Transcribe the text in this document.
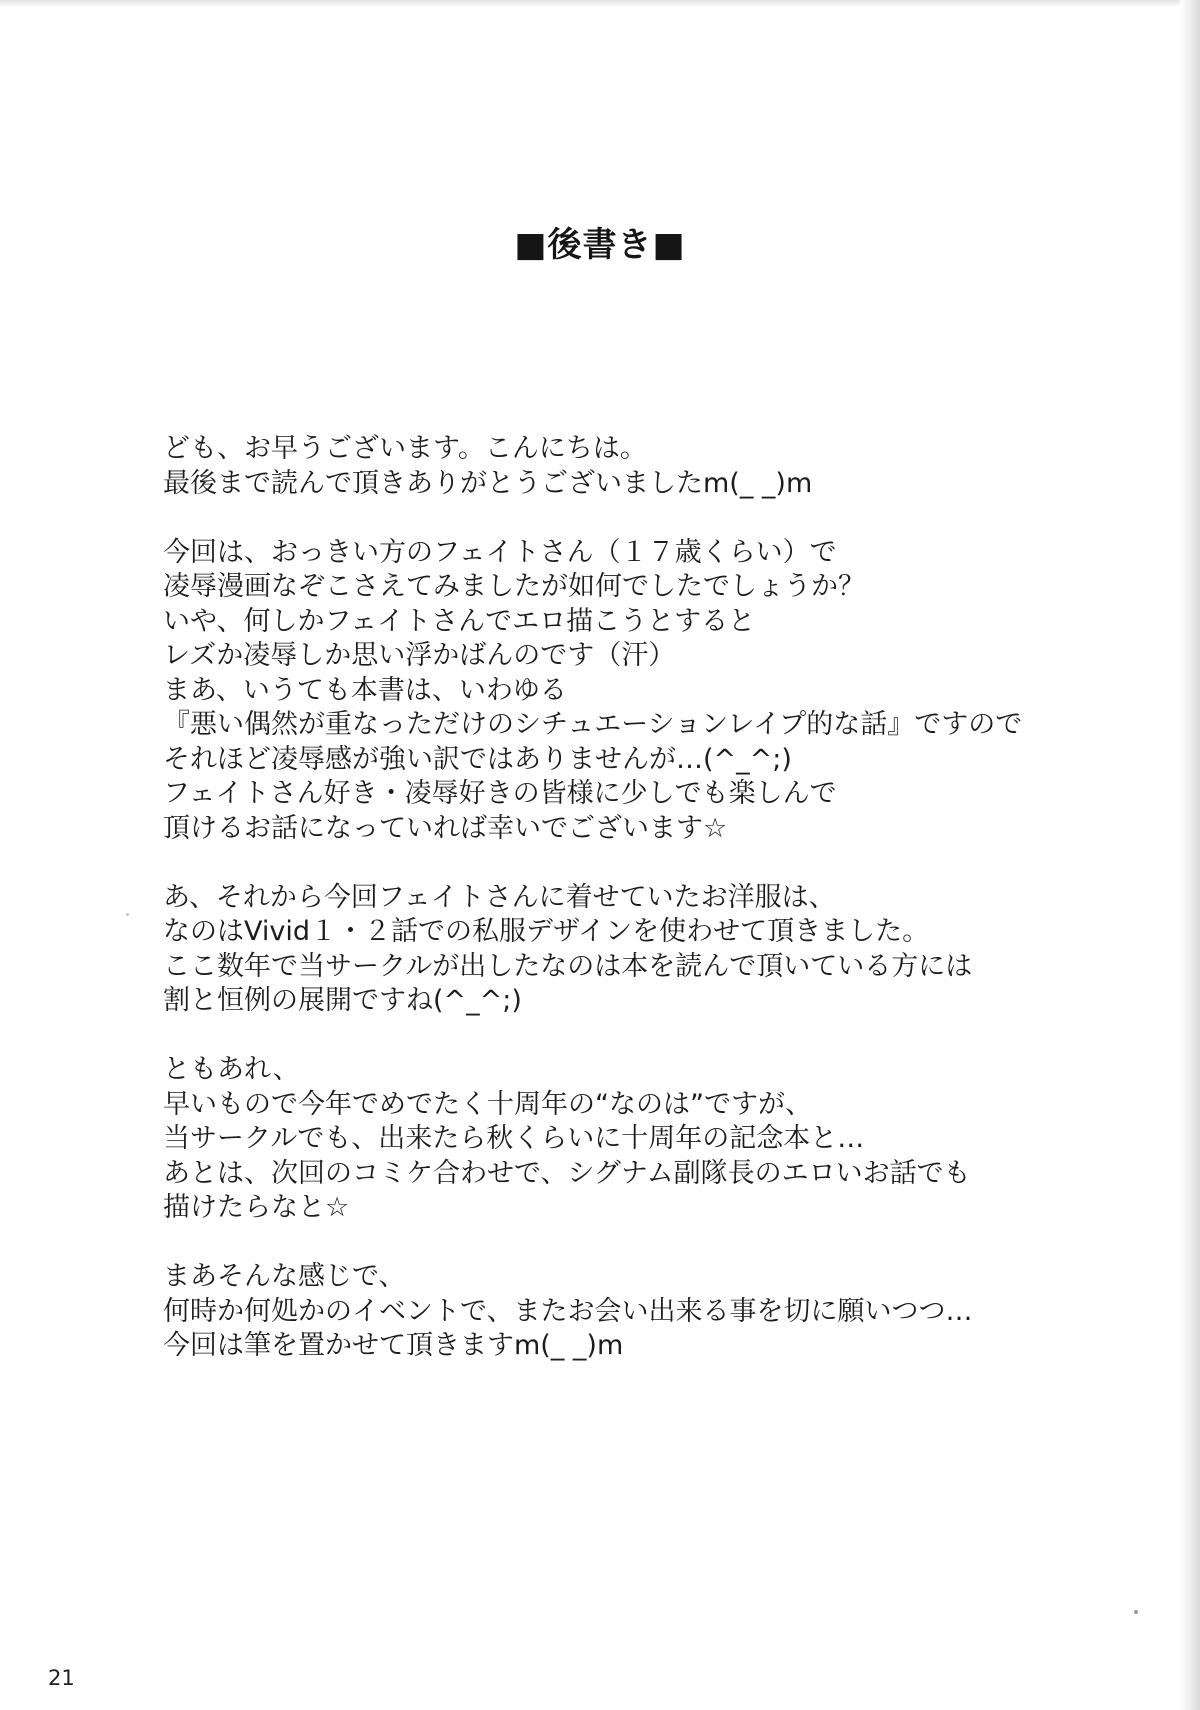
■後書き■
ども、お早うございます。こんにちは。
最後まで読んで頂きありがとうございましたm(_ _)m
今回は、おっきい方のフェイトさん（１７歳くらい）で
凌辱漫画なぞこさえてみましたが如何でしたでしょうか？
いや、何しかフェイトさんでエロ描こうとすると
レズか凌辱しか思い浮かばんのです（汗）
まあ、いうても本書は、いわゆる
『悪い偶然が重なっただけのシチュエーションレイプ的な話』ですので
それほど凌辱感が強い訳ではありませんが…(^_^;)
フェイトさん好き・凌辱好きの皆様に少しでも楽しんで
頂けるお話になっていれば幸いでございます☆
あ、それから今回フェイトさんに着せていたお洋服は、
なのはVivid１・２話での私服デザインを使わせて頂きました。
ここ数年で当サークルが出したなのは本を読んで頂いている方には
割と恒例の展開ですね(^_^;)
ともあれ、
早いもので今年でめでたく十周年の“なのは”ですが、
当サークルでも、出来たら秋くらいに十周年の記念本と…
あとは、次回のコミケ合わせで、シグナム副隊長のエロいお話でも
描けたらなと☆
まあそんな感じで、
何時か何処かのイベントで、またお会い出来る事を切に願いつつ…
今回は筆を置かせて頂きますm(_ _)m
21
